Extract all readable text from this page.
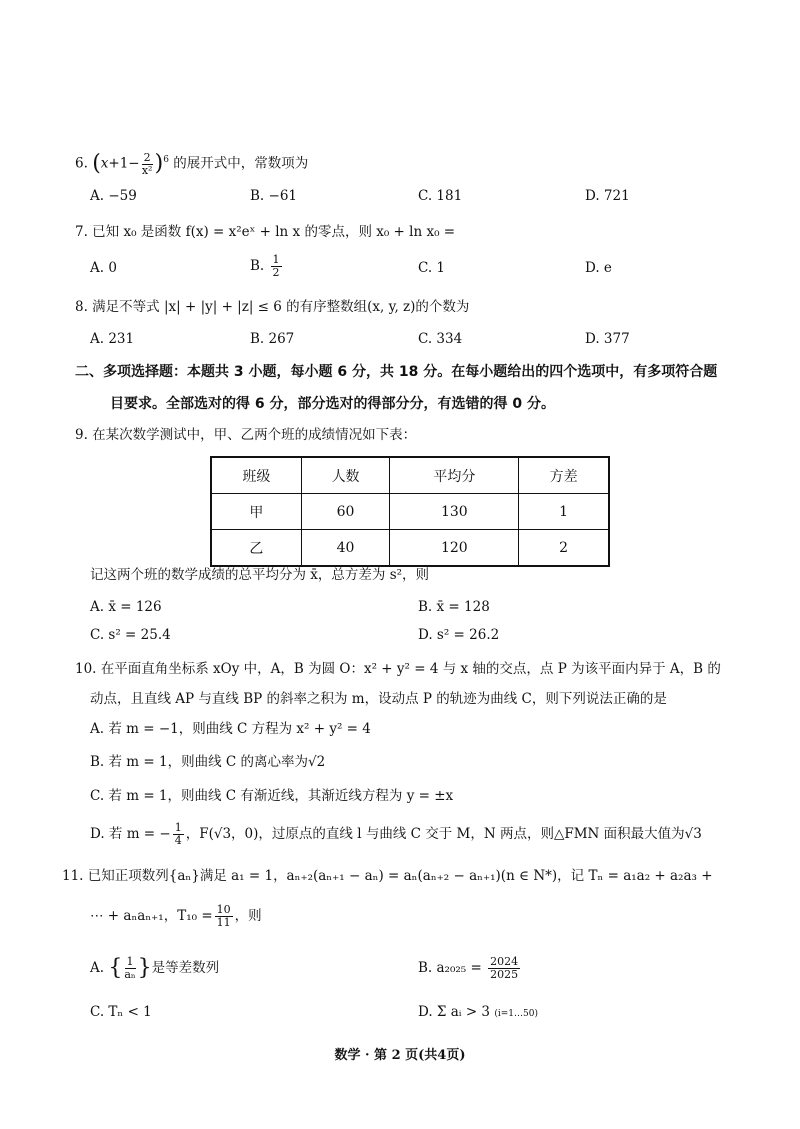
6. $(x+1- \frac{2}{\text{x²}} )^6$ 的展开式中，常数项为
A. −59	B. −61	C. 181	D. 721
7. 已知 x₀ 是函数 f(x) = x²eˣ + ln x 的零点，则 x₀ + ln x₀ =
A. 0	B. $\frac{1}{2}$	C. 1	D. e
8. 满足不等式 |x| + |y| + |z| ≤ 6 的有序整数组(x, y, z)的个数为
A. 231	B. 267	C. 334	D. 377
二、多项选择题：本题共 3 小题，每小题 6 分，共 18 分。在每小题给出的四个选项中，有多项符合题
目要求。全部选对的得 6 分，部分选对的得部分分，有选错的得 0 分。
9. 在某次数学测试中，甲、乙两个班的成绩情况如下表：
班级	人数	平均分	方差
甲	60	130	1
乙	40	120	2
记这两个班的数学成绩的总平均分为 x̄，总方差为 s²，则
A. x̄ = 126	B. x̄ = 128
C. s² = 25.4	D. s² = 26.2
10. 在平面直角坐标系 xOy 中，A，B 为圆 O：x² + y² = 4 与 x 轴的交点，点 P 为该平面内异于 A，B 的
动点，且直线 AP 与直线 BP 的斜率之积为 m，设动点 P 的轨迹为曲线 C，则下列说法正确的是
A. 若 m = −1，则曲线 C 方程为 x² + y² = 4
B. 若 m = 1，则曲线 C 的离心率为√2
C. 若 m = 1，则曲线 C 有渐近线，其渐近线方程为 y = ±x
D. 若 m = − $\frac{1}{4}$ ，F(√3，0)，过原点的直线 l 与曲线 C 交于 M，N 两点，则△FMN 面积最大值为√3
11. 已知正项数列{aₙ}满足 a₁ = 1，aₙ₊₂(aₙ₊₁ − aₙ) = aₙ(aₙ₊₂ − aₙ₊₁)(n ∈ N*)，记 Tₙ = a₁a₂ + a₂a₃ +
⋯ + aₙaₙ₊₁，$T_{10} = \frac{10}{11}$ ，则
A. { $\frac{1}{\text{aₙ}}$ }是等差数列	B. $a_{2025} = \frac{2024}{2025}$
C. Tₙ < 1	D. Σ aᵢ > 3 (i=1…50)
数学 · 第 2 页(共4页)
